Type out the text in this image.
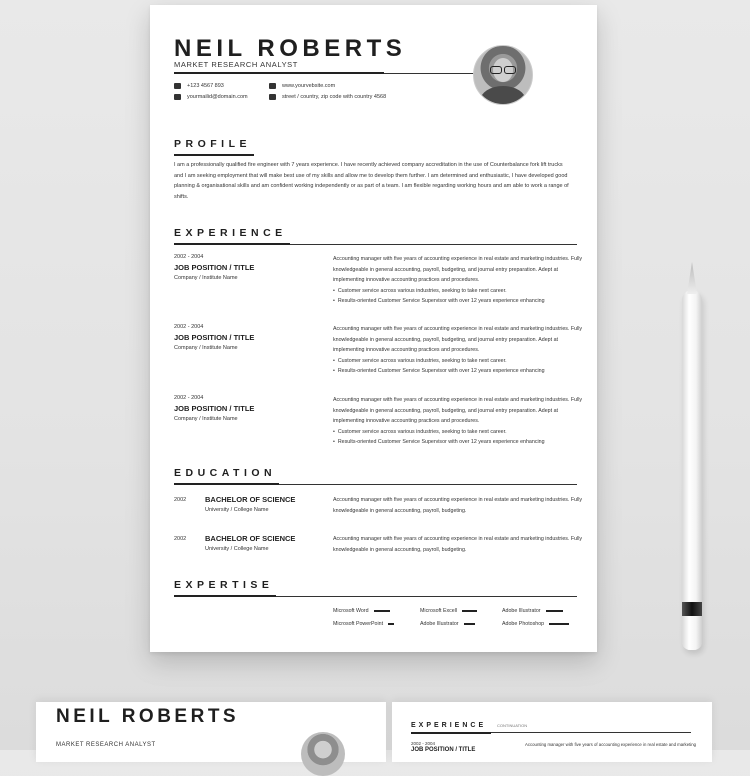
NEIL ROBERTS
MARKET RESEARCH ANALYST
+123 4567 893
yourmailid@domain.com
www.yourvebsite.com
street / country, zip code with country 4568
PROFILE
I am a professionally qualified fire engineer with 7 years experience. I have recently achieved company accreditation in the use of Counterbalance fork lift trucks and I am seeking employment that will make best use of my skills and allow me to develop them further. I am determined and enthusiastic, I have developed good planning & organisational skills and am confident working independently or as part of a team. I am flexible regarding working hours and am able to work a range of shifts.
EXPERIENCE
2002 - 2004
JOB POSITION / TITLE
Company / Institute Name
Accounting manager with five years of accounting experience in real estate and marketing industries. Fully knowledgeable in general accounting, payroll, budgeting, and journal entry preparation. Adept at implementing innovative accounting practices and procedures.
• Customer service across various industries, seeking to take next career.
• Results-oriented Customer Service Supervisor with over 12 years experience enhancing
2002 - 2004
JOB POSITION / TITLE
Company / Institute Name
Accounting manager with five years of accounting experience in real estate and marketing industries. Fully knowledgeable in general accounting, payroll, budgeting, and journal entry preparation. Adept at implementing innovative accounting practices and procedures.
• Customer service across various industries, seeking to take next career.
• Results-oriented Customer Service Supervisor with over 12 years experience enhancing
2002 - 2004
JOB POSITION / TITLE
Company / Institute Name
Accounting manager with five years of accounting experience in real estate and marketing industries. Fully knowledgeable in general accounting, payroll, budgeting, and journal entry preparation. Adept at implementing innovative accounting practices and procedures.
• Customer service across various industries, seeking to take next career.
• Results-oriented Customer Service Supervisor with over 12 years experience enhancing
EDUCATION
2002	BACHELOR OF SCIENCE
University / College Name
Accounting manager with five years of accounting experience in real estate and marketing industries. Fully knowledgeable in general accounting, payroll, budgeting.
2002	BACHELOR OF SCIENCE
University / College Name
Accounting manager with five years of accounting experience in real estate and marketing industries. Fully knowledgeable in general accounting, payroll, budgeting.
EXPERTISE
Microsoft Word	Microsoft Excell	Adobe Illustrator
Microsoft PowerPoint	Adobe Illustrator	Adobe Photoshop
NEIL ROBERTS
MARKET RESEARCH ANALYST
EXPERIENCE	CONTINUATION
2002 - 2004
JOB POSITION / TITLE
Accounting manager with five years of accounting experience in real estate and marketing
